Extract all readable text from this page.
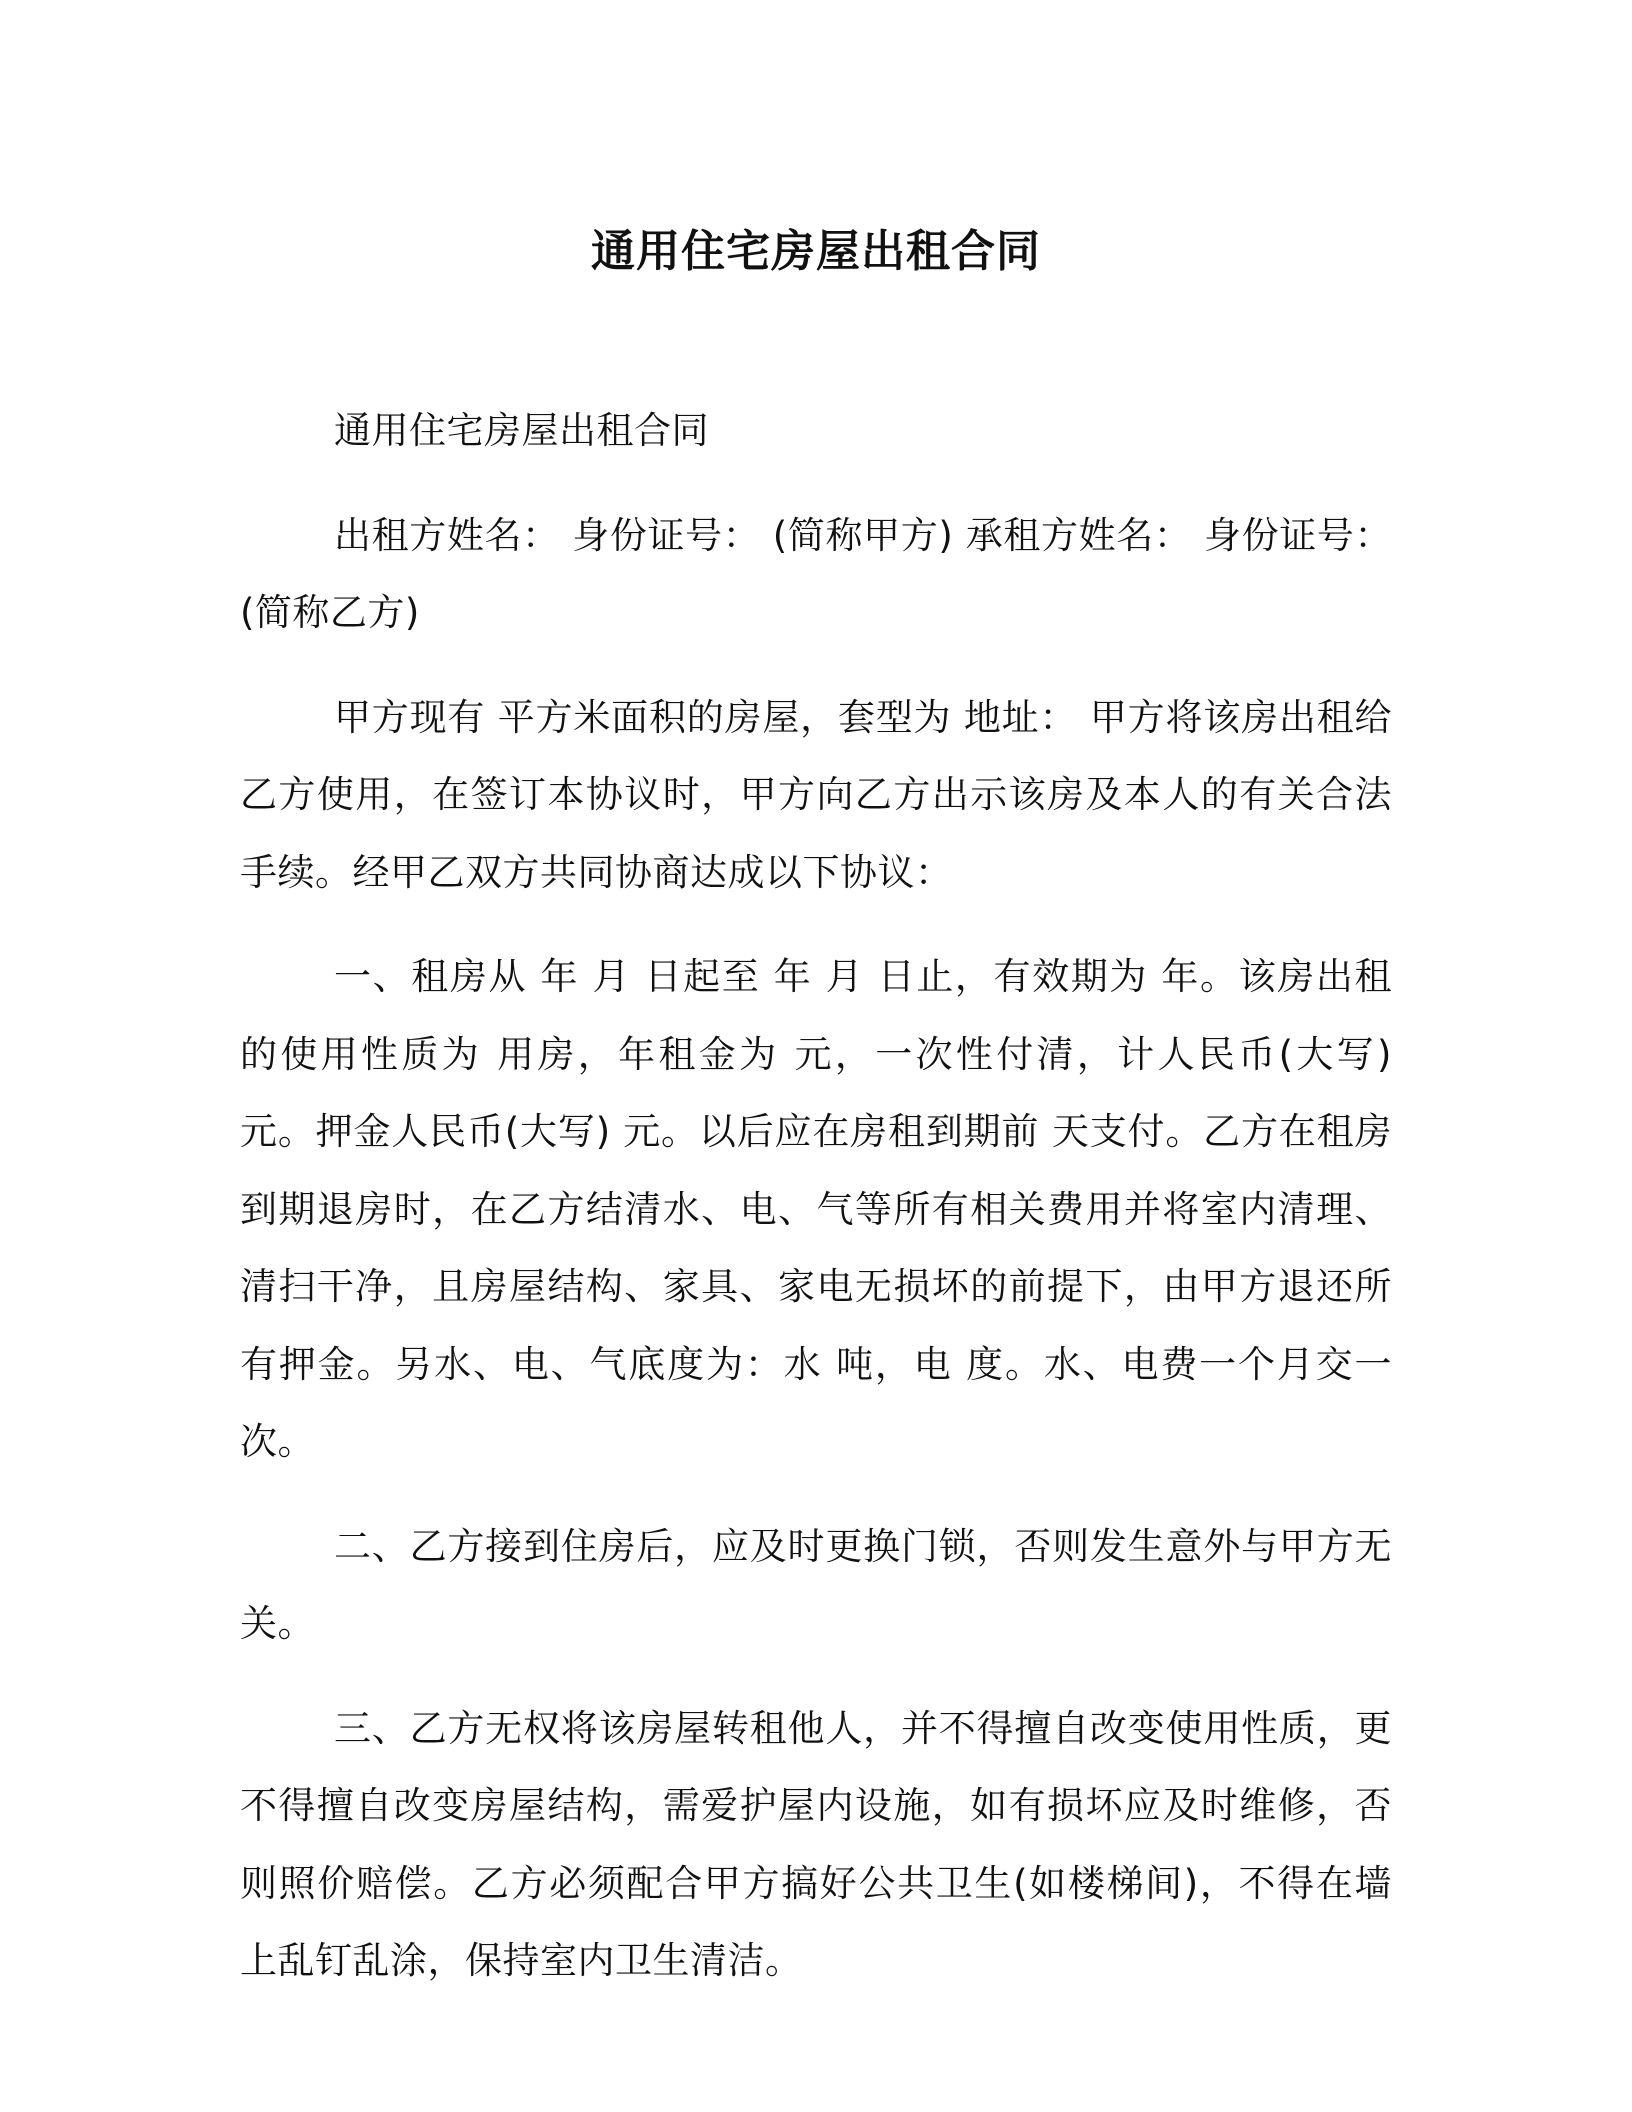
通用住宅房屋出租合同

通用住宅房屋出租合同

出租方姓名： 身份证号： (简称甲方) 承租方姓名： 身份证号： (简称乙方)

甲方现有 平方米面积的房屋，套型为 地址： 甲方将该房出租给乙方使用，在签订本协议时，甲方向乙方出示该房及本人的有关合法手续。经甲乙双方共同协商达成以下协议：

一、租房从 年 月 日起至 年 月 日止，有效期为 年。该房出租的使用性质为 用房，年租金为 元，一次性付清，计人民币(大写) 元。押金人民币(大写) 元。以后应在房租到期前 天支付。乙方在租房到期退房时，在乙方结清水、电、气等所有相关费用并将室内清理、清扫干净，且房屋结构、家具、家电无损坏的前提下，由甲方退还所有押金。另水、电、气底度为：水 吨，电 度。水、电费一个月交一次。

二、乙方接到住房后，应及时更换门锁，否则发生意外与甲方无关。

三、乙方无权将该房屋转租他人，并不得擅自改变使用性质，更不得擅自改变房屋结构，需爱护屋内设施，如有损坏应及时维修，否则照价赔偿。乙方必须配合甲方搞好公共卫生(如楼梯间)，不得在墙上乱钉乱涂，保持室内卫生清洁。
